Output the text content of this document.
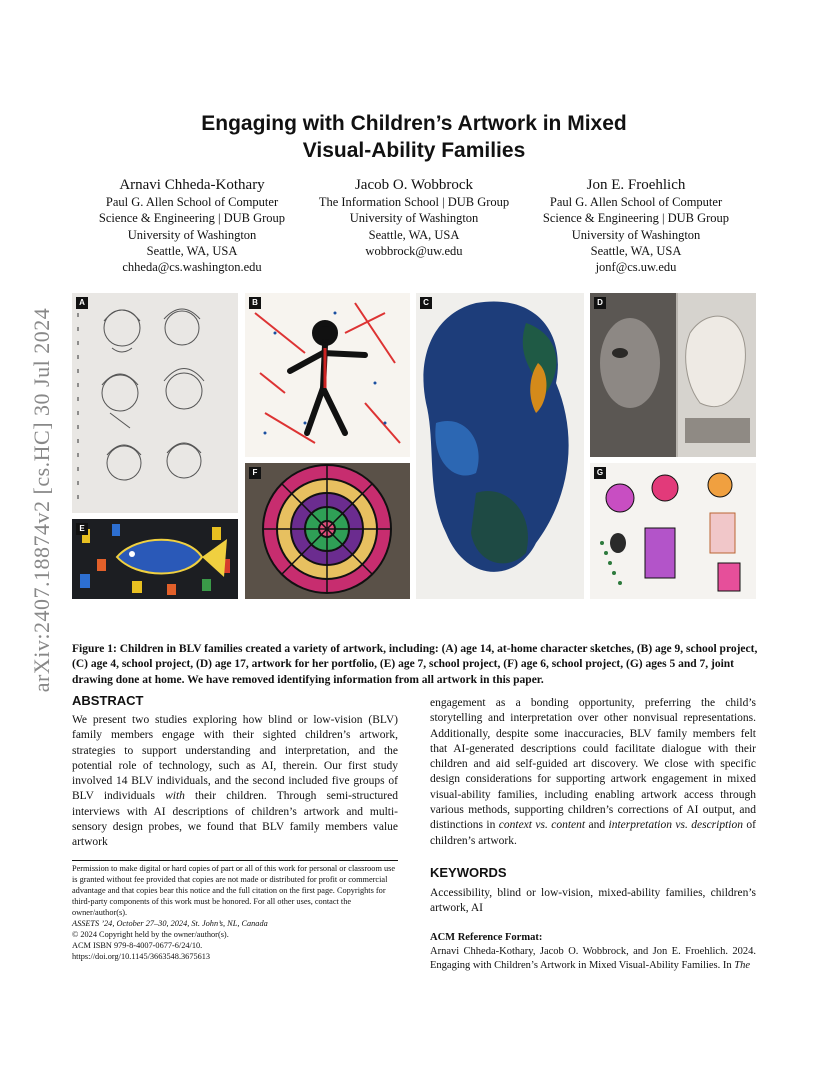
Engaging with Children’s Artwork in Mixed
Visual-Ability Families
Arnavi Chheda-Kothary
Paul G. Allen School of Computer
Science & Engineering | DUB Group
University of Washington
Seattle, WA, USA
chheda@cs.washington.edu
Jacob O. Wobbrock
The Information School | DUB Group
University of Washington
Seattle, WA, USA
wobbrock@uw.edu
Jon E. Froehlich
Paul G. Allen School of Computer
Science & Engineering | DUB Group
University of Washington
Seattle, WA, USA
jonf@cs.uw.edu
arXiv:2407.18874v2 [cs.HC] 30 Jul 2024
A	B	C	D
E
F	G
Figure 1: Children in BLV families created a variety of artwork, including: (A) age 14, at-home character sketches, (B) age 9, school project, (C) age 4, school project, (D) age 17, artwork for her portfolio, (E) age 7, school project, (F) age 6, school project, (G) ages 5 and 7, joint drawing done at home. We have removed identifying information from all artwork in this paper.
ABSTRACT
We present two studies exploring how blind or low-vision (BLV) family members engage with their sighted children’s artwork, strategies to support understanding and interpretation, and the potential role of technology, such as AI, therein. Our first study involved 14 BLV individuals, and the second included five groups of BLV individuals with their children. Through semi-structured interviews with AI descriptions of children’s artwork and multi-sensory design probes, we found that BLV family members value artwork
engagement as a bonding opportunity, preferring the child’s storytelling and interpretation over other nonvisual representations. Additionally, despite some inaccuracies, BLV family members felt that AI-generated descriptions could facilitate dialogue with their children and aid self-guided art discovery. We close with specific design considerations for supporting artwork engagement in mixed visual-ability families, including enabling artwork access through various methods, supporting children’s corrections of AI output, and distinctions in context vs. content and interpretation vs. description of children’s artwork.
KEYWORDS
Accessibility, blind or low-vision, mixed-ability families, children’s artwork, AI
ACM Reference Format:
Arnavi Chheda-Kothary, Jacob O. Wobbrock, and Jon E. Froehlich. 2024. Engaging with Children’s Artwork in Mixed Visual-Ability Families. In The
Permission to make digital or hard copies of part or all of this work for personal or classroom use is granted without fee provided that copies are not made or distributed for profit or commercial advantage and that copies bear this notice and the full citation on the first page. Copyrights for third-party components of this work must be honored. For all other uses, contact the owner/author(s).
ASSETS ’24, October 27–30, 2024, St. John’s, NL, Canada
© 2024 Copyright held by the owner/author(s).
ACM ISBN 979-8-4007-0677-6/24/10.
https://doi.org/10.1145/3663548.3675613
